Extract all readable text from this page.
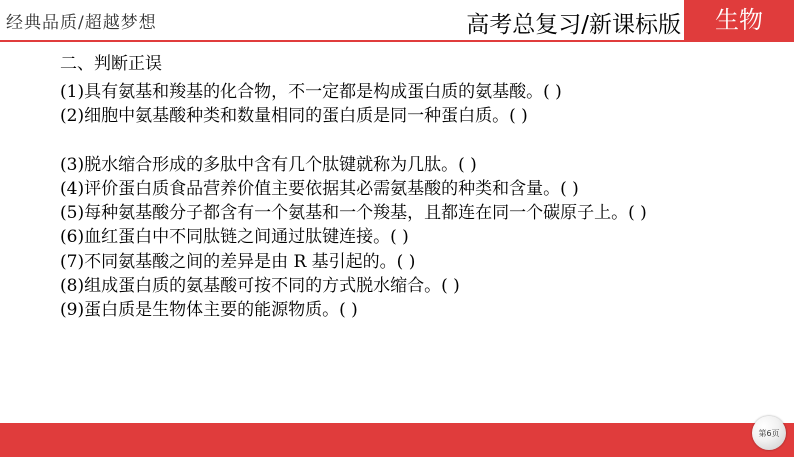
经典品质/超越梦想	高考总复习/新课标版	生物

二、判断正误

(1)具有氨基和羧基的化合物，不一定都是构成蛋白质的氨基酸。( )

(2)细胞中氨基酸种类和数量相同的蛋白质是同一种蛋白质。( )

(3)脱水缩合形成的多肽中含有几个肽键就称为几肽。( )

(4)评价蛋白质食品营养价值主要依据其必需氨基酸的种类和含量。( )

(5)每种氨基酸分子都含有一个氨基和一个羧基，且都连在同一个碳原子上。( )

(6)血红蛋白中不同肽链之间通过肽键连接。( )

(7)不同氨基酸之间的差异是由 R 基引起的。( )

(8)组成蛋白质的氨基酸可按不同的方式脱水缩合。( )

(9)蛋白质是生物体主要的能源物质。( )

第6页
